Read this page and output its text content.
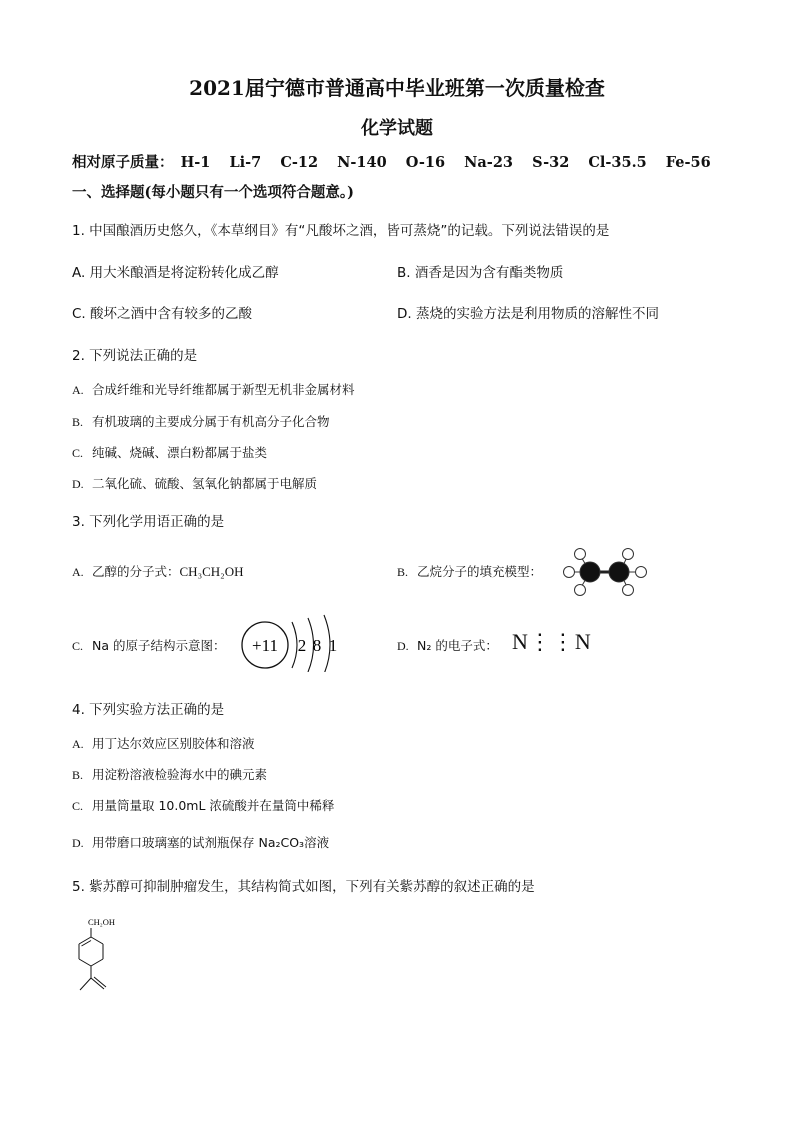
2021届宁德市普通高中毕业班第一次质量检查
化学试题
相对原子质量： H-1 Li-7 C-12 N-140 O-16 Na-23 S-32 Cl-35.5 Fe-56
一、选择题(每小题只有一个选项符合题意。)
1. 中国酿酒历史悠久，《本草纲目》有“凡酸坏之酒，皆可蒸烧”的记载。下列说法错误的是
A. 用大米酿酒是将淀粉转化成乙醇	B. 酒香是因为含有酯类物质
C. 酸坏之酒中含有较多的乙酸	D. 蒸烧的实验方法是利用物质的溶解性不同
2. 下列说法正确的是
A. 合成纤维和光导纤维都属于新型无机非金属材料
B. 有机玻璃的主要成分属于有机高分子化合物
C. 纯碱、烧碱、漂白粉都属于盐类
D. 二氧化硫、硫酸、氢氧化钠都属于电解质
3. 下列化学用语正确的是
A. 乙醇的分子式：CH₃CH₂OH	B. 乙烷分子的填充模型：
C. Na 的原子结构示意图： +11 2 8 1	D. N₂ 的电子式： N⋮⋮N
4. 下列实验方法正确的是
A. 用丁达尔效应区别胶体和溶液
B. 用淀粉溶液检验海水中的碘元素
C. 用量筒量取 10.0mL 浓硫酸并在量筒中稀释
D. 用带磨口玻璃塞的试剂瓶保存 Na₂CO₃溶液
5. 紫苏醇可抑制肿瘤发生，其结构简式如图，下列有关紫苏醇的叙述正确的是
CH₂OH
